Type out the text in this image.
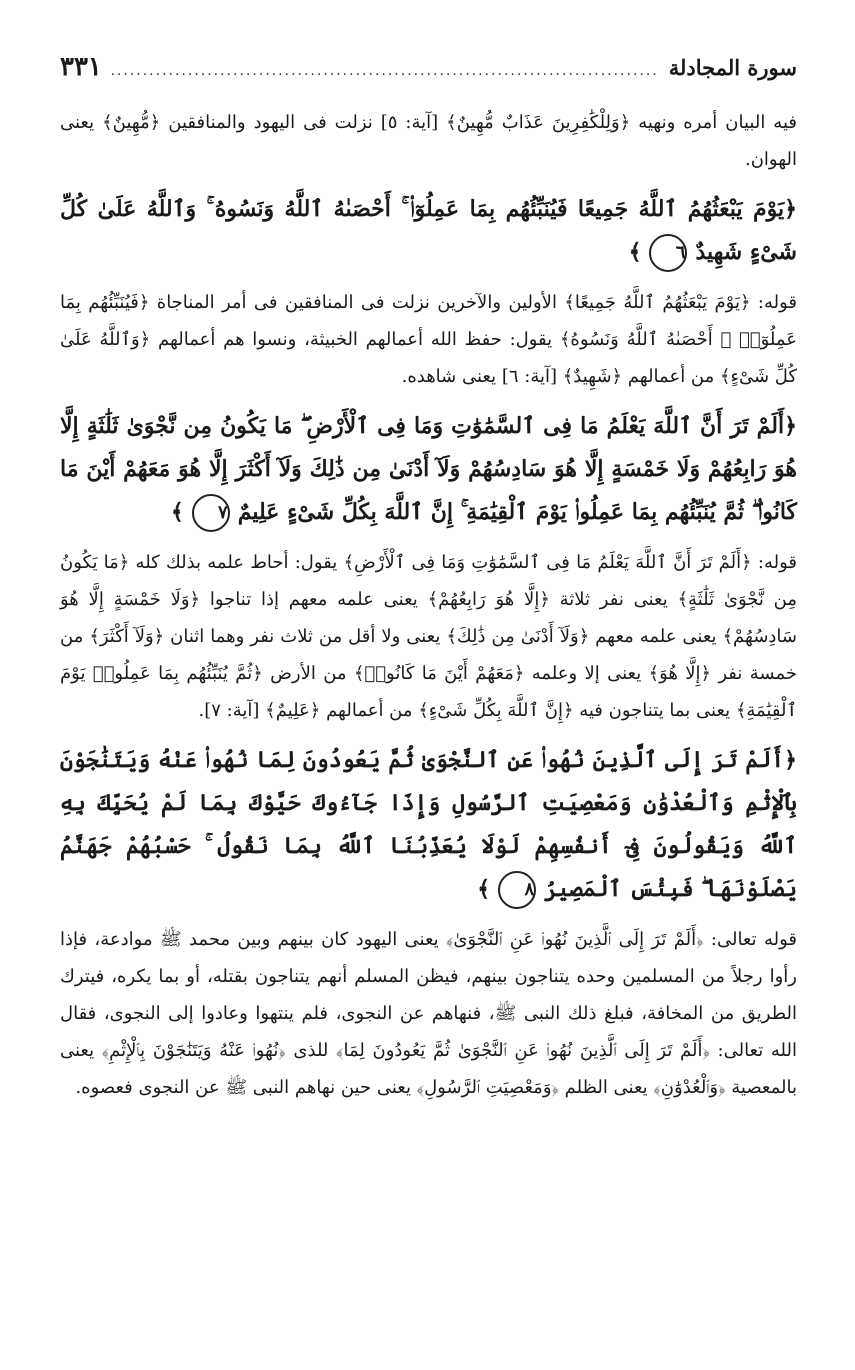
سورة المجادلة
.....
٣٣١

فيه البيان أمره ونهيه ﴿وَلِلْكَٰفِرِينَ عَذَابٌ مُّهِينٌ﴾ [آية: ٥] نزلت فى اليهود والمنافقين ﴿مُّهِينٌ﴾ يعنى الهوان.

﴿يَوْمَ يَبْعَثُهُمُ ٱللَّهُ جَمِيعًا فَيُنَبِّئُهُم بِمَا عَمِلُوٓا۟ ۚ أَحْصَىٰهُ ٱللَّهُ وَنَسُوهُ ۚ وَٱللَّهُ عَلَىٰ كُلِّ شَىْءٍ شَهِيدٌ٦﴾

قوله: ﴿يَوْمَ يَبْعَثُهُمُ ٱللَّهُ جَمِيعًا﴾ الأولين والآخرين نزلت فى المنافقين فى أمر المناجاة ﴿فَيُنَبِّئُهُم بِمَا عَمِلُوٓا۟ ۚ أَحْصَىٰهُ ٱللَّهُ وَنَسُوهُ﴾ يقول: حفظ الله أعمالهم الخبيثة، ونسوا هم أعمالهم ﴿وَٱللَّهُ عَلَىٰ كُلِّ شَىْءٍ﴾ من أعمالهم ﴿شَهِيدٌ﴾ [آية: ٦] يعنى شاهده.

﴿أَلَمْ تَرَ أَنَّ ٱللَّهَ يَعْلَمُ مَا فِى ٱلسَّمَٰوَٰتِ وَمَا فِى ٱلْأَرْضِ ۖ مَا يَكُونُ مِن نَّجْوَىٰ ثَلَٰثَةٍ إِلَّا هُوَ رَابِعُهُمْ وَلَا خَمْسَةٍ إِلَّا هُوَ سَادِسُهُمْ وَلَآ أَدْنَىٰ مِن ذَٰلِكَ وَلَآ أَكْثَرَ إِلَّا هُوَ مَعَهُمْ أَيْنَ مَا كَانُوا۟ ۖ ثُمَّ يُنَبِّئُهُم بِمَا عَمِلُوا۟ يَوْمَ ٱلْقِيَٰمَةِ ۚ إِنَّ ٱللَّهَ بِكُلِّ شَىْءٍ عَلِيمٌ٧﴾

قوله: ﴿أَلَمْ تَرَ أَنَّ ٱللَّهَ يَعْلَمُ مَا فِى ٱلسَّمَٰوَٰتِ وَمَا فِى ٱلْأَرْضِ﴾ يقول: أحاط علمه بذلك كله ﴿مَا يَكُونُ مِن نَّجْوَىٰ ثَلَٰثَةٍ﴾ يعنى نفر ثلاثة ﴿إِلَّا هُوَ رَابِعُهُمْ﴾ يعنى علمه معهم إذا تناجوا ﴿وَلَا خَمْسَةٍ إِلَّا هُوَ سَادِسُهُمْ﴾ يعنى علمه معهم ﴿وَلَآ أَدْنَىٰ مِن ذَٰلِكَ﴾ يعنى ولا أقل من ثلاث نفر وهما اثنان ﴿وَلَآ أَكْثَرَ﴾ من خمسة نفر ﴿إِلَّا هُوَ﴾ يعنى إلا وعلمه ﴿مَعَهُمْ أَيْنَ مَا كَانُوا۟﴾ من الأرض ﴿ثُمَّ يُنَبِّئُهُم بِمَا عَمِلُوا۟ يَوْمَ ٱلْقِيَٰمَةِ﴾ يعنى بما يتناجون فيه ﴿إِنَّ ٱللَّهَ بِكُلِّ شَىْءٍ﴾ من أعمالهم ﴿عَلِيمٌ﴾ [آية: ٧].

﴿أَلَمْ تَرَ إِلَى ٱلَّذِينَ نُهُوا۟ عَنِ ٱلنَّجْوَىٰ ثُمَّ يَعُودُونَ لِمَا نُهُوا۟ عَنْهُ وَيَتَنَٰجَوْنَ بِٱلْإِثْمِ وَٱلْعُدْوَٰنِ وَمَعْصِيَتِ ٱلرَّسُولِ وَإِذَا جَآءُوكَ حَيَّوْكَ بِمَا لَمْ يُحَيِّكَ بِهِ ٱللَّهُ وَيَقُولُونَ فِىٓ أَنفُسِهِمْ لَوْلَا يُعَذِّبُنَا ٱللَّهُ بِمَا نَقُولُ ۚ حَسْبُهُمْ جَهَنَّمُ يَصْلَوْنَهَا ۖ فَبِئْسَ ٱلْمَصِيرُ٨﴾

قوله تعالى: ﴿أَلَمْ تَرَ إِلَى ٱلَّذِينَ نُهُوا۟ عَنِ ٱلنَّجْوَىٰ﴾ يعنى اليهود كان بينهم وبين محمد ﷺ موادعة، فإذا رأوا رجلاً من المسلمين وحده يتناجون بينهم، فيظن المسلم أنهم يتناجون بقتله، أو بما يكره، فيترك الطريق من المخافة، فبلغ ذلك النبى ﷺ، فنهاهم عن النجوى، فلم ينتهوا وعادوا إلى النجوى، فقال الله تعالى: ﴿أَلَمْ تَرَ إِلَى ٱلَّذِينَ نُهُوا۟ عَنِ ٱلنَّجْوَىٰ ثُمَّ يَعُودُونَ لِمَا﴾ للذى ﴿نُهُوا۟ عَنْهُ وَيَتَنَٰجَوْنَ بِٱلْإِثْمِ﴾ يعنى بالمعصية ﴿وَٱلْعُدْوَٰنِ﴾ يعنى الظلم ﴿وَمَعْصِيَتِ ٱلرَّسُولِ﴾ يعنى حين نهاهم النبى ﷺ عن النجوى فعصوه.
